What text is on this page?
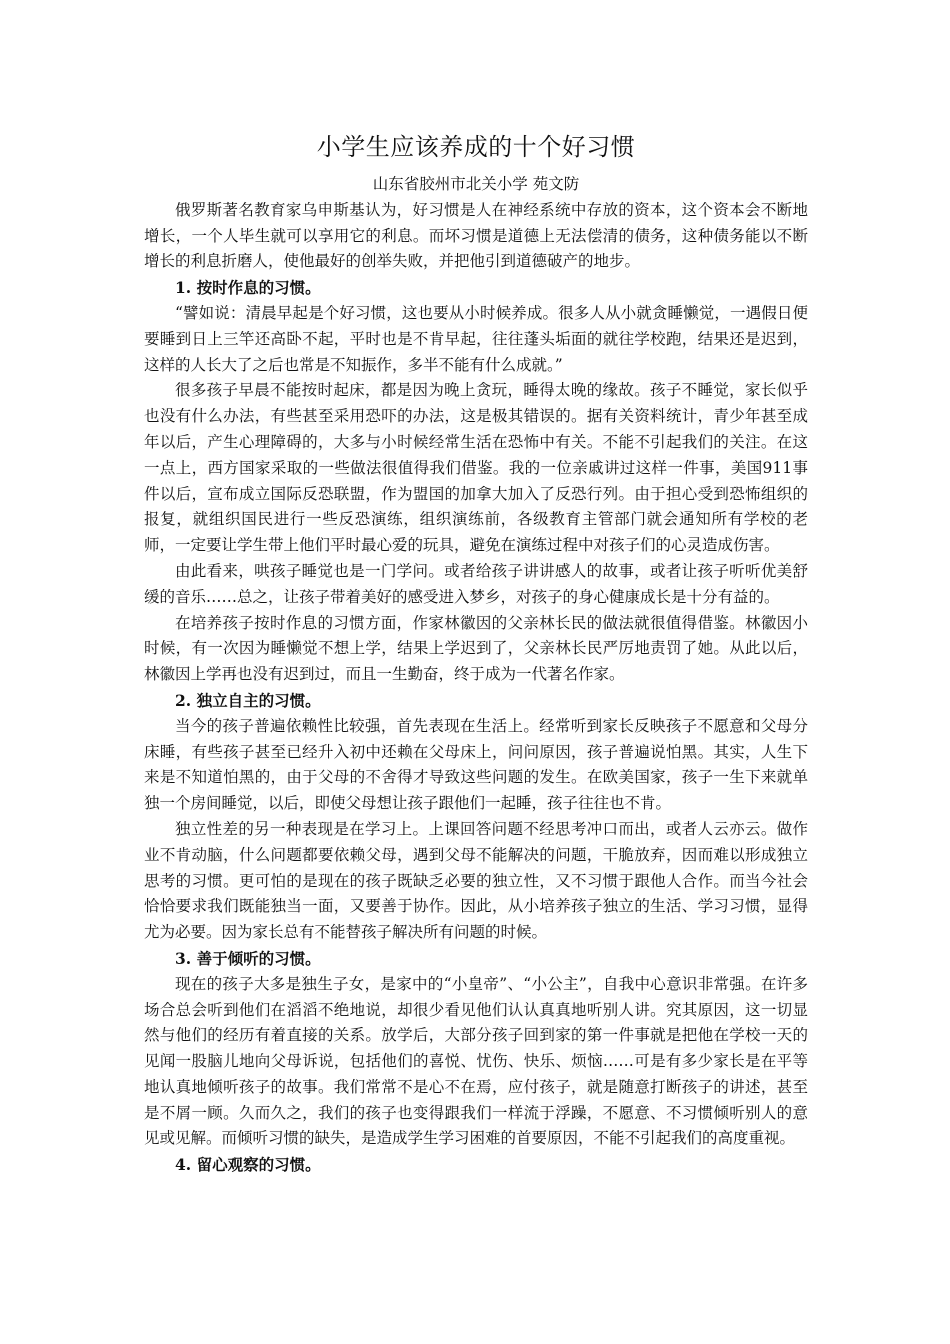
小学生应该养成的十个好习惯

山东省胶州市北关小学 苑文防

俄罗斯著名教育家乌申斯基认为，好习惯是人在神经系统中存放的资本，这个资本会不断地增长，一个人毕生就可以享用它的利息。而坏习惯是道德上无法偿清的债务，这种债务能以不断增长的利息折磨人，使他最好的创举失败，并把他引到道德破产的地步。

1. 按时作息的习惯。

“譬如说：清晨早起是个好习惯，这也要从小时候养成。很多人从小就贪睡懒觉，一遇假日便要睡到日上三竿还高卧不起，平时也是不肯早起，往往蓬头垢面的就往学校跑，结果还是迟到，这样的人长大了之后也常是不知振作，多半不能有什么成就。”

很多孩子早晨不能按时起床，都是因为晚上贪玩，睡得太晚的缘故。孩子不睡觉，家长似乎也没有什么办法，有些甚至采用恐吓的办法，这是极其错误的。据有关资料统计，青少年甚至成年以后，产生心理障碍的，大多与小时候经常生活在恐怖中有关。不能不引起我们的关注。在这一点上，西方国家采取的一些做法很值得我们借鉴。我的一位亲戚讲过这样一件事，美国911事件以后，宣布成立国际反恐联盟，作为盟国的加拿大加入了反恐行列。由于担心受到恐怖组织的报复，就组织国民进行一些反恐演练，组织演练前，各级教育主管部门就会通知所有学校的老师，一定要让学生带上他们平时最心爱的玩具，避免在演练过程中对孩子们的心灵造成伤害。

由此看来，哄孩子睡觉也是一门学问。或者给孩子讲讲感人的故事，或者让孩子听听优美舒缓的音乐……总之，让孩子带着美好的感受进入梦乡，对孩子的身心健康成长是十分有益的。

在培养孩子按时作息的习惯方面，作家林徽因的父亲林长民的做法就很值得借鉴。林徽因小时候，有一次因为睡懒觉不想上学，结果上学迟到了，父亲林长民严厉地责罚了她。从此以后，林徽因上学再也没有迟到过，而且一生勤奋，终于成为一代著名作家。

2. 独立自主的习惯。

当今的孩子普遍依赖性比较强，首先表现在生活上。经常听到家长反映孩子不愿意和父母分床睡，有些孩子甚至已经升入初中还赖在父母床上，问问原因，孩子普遍说怕黑。其实，人生下来是不知道怕黑的，由于父母的不舍得才导致这些问题的发生。在欧美国家，孩子一生下来就单独一个房间睡觉，以后，即使父母想让孩子跟他们一起睡，孩子往往也不肯。

独立性差的另一种表现是在学习上。上课回答问题不经思考冲口而出，或者人云亦云。做作业不肯动脑，什么问题都要依赖父母，遇到父母不能解决的问题，干脆放弃，因而难以形成独立思考的习惯。更可怕的是现在的孩子既缺乏必要的独立性，又不习惯于跟他人合作。而当今社会恰恰要求我们既能独当一面，又要善于协作。因此，从小培养孩子独立的生活、学习习惯，显得尤为必要。因为家长总有不能替孩子解决所有问题的时候。

3. 善于倾听的习惯。

现在的孩子大多是独生子女，是家中的“小皇帝”、“小公主”，自我中心意识非常强。在许多场合总会听到他们在滔滔不绝地说，却很少看见他们认认真真地听别人讲。究其原因，这一切显然与他们的经历有着直接的关系。放学后，大部分孩子回到家的第一件事就是把他在学校一天的见闻一股脑儿地向父母诉说，包括他们的喜悦、忧伤、快乐、烦恼……可是有多少家长是在平等地认真地倾听孩子的故事。我们常常不是心不在焉，应付孩子，就是随意打断孩子的讲述，甚至是不屑一顾。久而久之，我们的孩子也变得跟我们一样流于浮躁，不愿意、不习惯倾听别人的意见或见解。而倾听习惯的缺失，是造成学生学习困难的首要原因，不能不引起我们的高度重视。

4. 留心观察的习惯。
